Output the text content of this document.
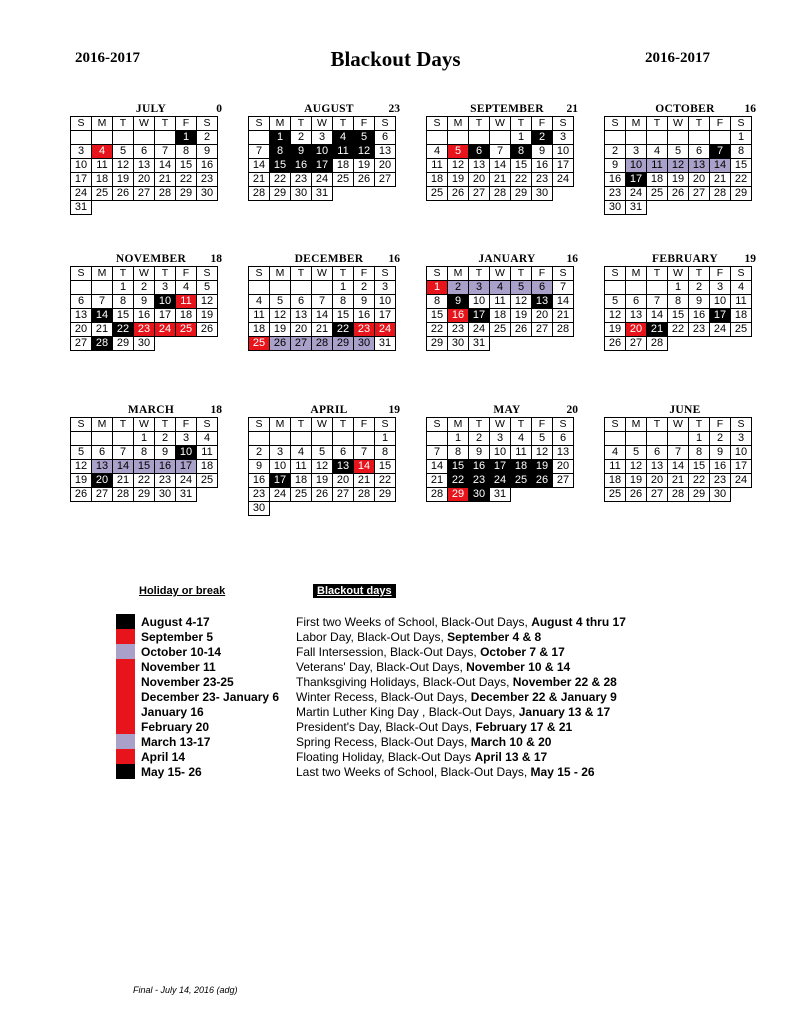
2016-2017	Blackout Days	2016-2017
JULY	0
S	M	T	W	T	F	S
					1	2
3	4	5	6	7	8	9
10	11	12	13	14	15	16
17	18	19	20	21	22	23
24	25	26	27	28	29	30
31						
AUGUST	23
S	M	T	W	T	F	S
	1	2	3	4	5	6
7	8	9	10	11	12	13
14	15	16	17	18	19	20
21	22	23	24	25	26	27
28	29	30	31			
SEPTEMBER	21
S	M	T	W	T	F	S
				1	2	3
4	5	6	7	8	9	10
11	12	13	14	15	16	17
18	19	20	21	22	23	24
25	26	27	28	29	30	
OCTOBER	16
S	M	T	W	T	F	S
						1
2	3	4	5	6	7	8
9	10	11	12	13	14	15
16	17	18	19	20	21	22
23	24	25	26	27	28	29
30	31					
NOVEMBER	18
S	M	T	W	T	F	S
		1	2	3	4	5
6	7	8	9	10	11	12
13	14	15	16	17	18	19
20	21	22	23	24	25	26
27	28	29	30			
DECEMBER	16
S	M	T	W	T	F	S
				1	2	3
4	5	6	7	8	9	10
11	12	13	14	15	16	17
18	19	20	21	22	23	24
25	26	27	28	29	30	31
JANUARY	16
S	M	T	W	T	F	S
1	2	3	4	5	6	7
8	9	10	11	12	13	14
15	16	17	18	19	20	21
22	23	24	25	26	27	28
29	30	31				
FEBRUARY	19
S	M	T	W	T	F	S
			1	2	3	4
5	6	7	8	9	10	11
12	13	14	15	16	17	18
19	20	21	22	23	24	25
26	27	28				
MARCH	18
S	M	T	W	T	F	S
			1	2	3	4
5	6	7	8	9	10	11
12	13	14	15	16	17	18
19	20	21	22	23	24	25
26	27	28	29	30	31	
APRIL	19
S	M	T	W	T	F	S
						1
2	3	4	5	6	7	8
9	10	11	12	13	14	15
16	17	18	19	20	21	22
23	24	25	26	27	28	29
30						
MAY	20
S	M	T	W	T	F	S
	1	2	3	4	5	6
7	8	9	10	11	12	13
14	15	16	17	18	19	20
21	22	23	24	25	26	27
28	29	30	31			
JUNE
S	M	T	W	T	F	S
				1	2	3
4	5	6	7	8	9	10
11	12	13	14	15	16	17
18	19	20	21	22	23	24
25	26	27	28	29	30	
Holiday or break	Blackout days
August 4-17	First two Weeks of School, Black-Out Days, August 4 thru 17
September 5	Labor Day, Black-Out Days, September 4 & 8
October 10-14	Fall Intersession, Black-Out Days, October 7 & 17
November 11	Veterans' Day, Black-Out Days, November 10 & 14
November 23-25	Thanksgiving Holidays, Black-Out Days, November 22 & 28
December 23- January 6	Winter Recess, Black-Out Days, December 22 & January 9
January 16	Martin Luther King Day , Black-Out Days, January 13 & 17
February 20	President's Day, Black-Out Days, February 17 & 21
March 13-17	Spring Recess, Black-Out Days, March 10 & 20
April 14	Floating Holiday, Black-Out Days April 13 & 17
May 15- 26	Last two Weeks of School, Black-Out Days, May 15 - 26
Final - July 14, 2016 (adg)
